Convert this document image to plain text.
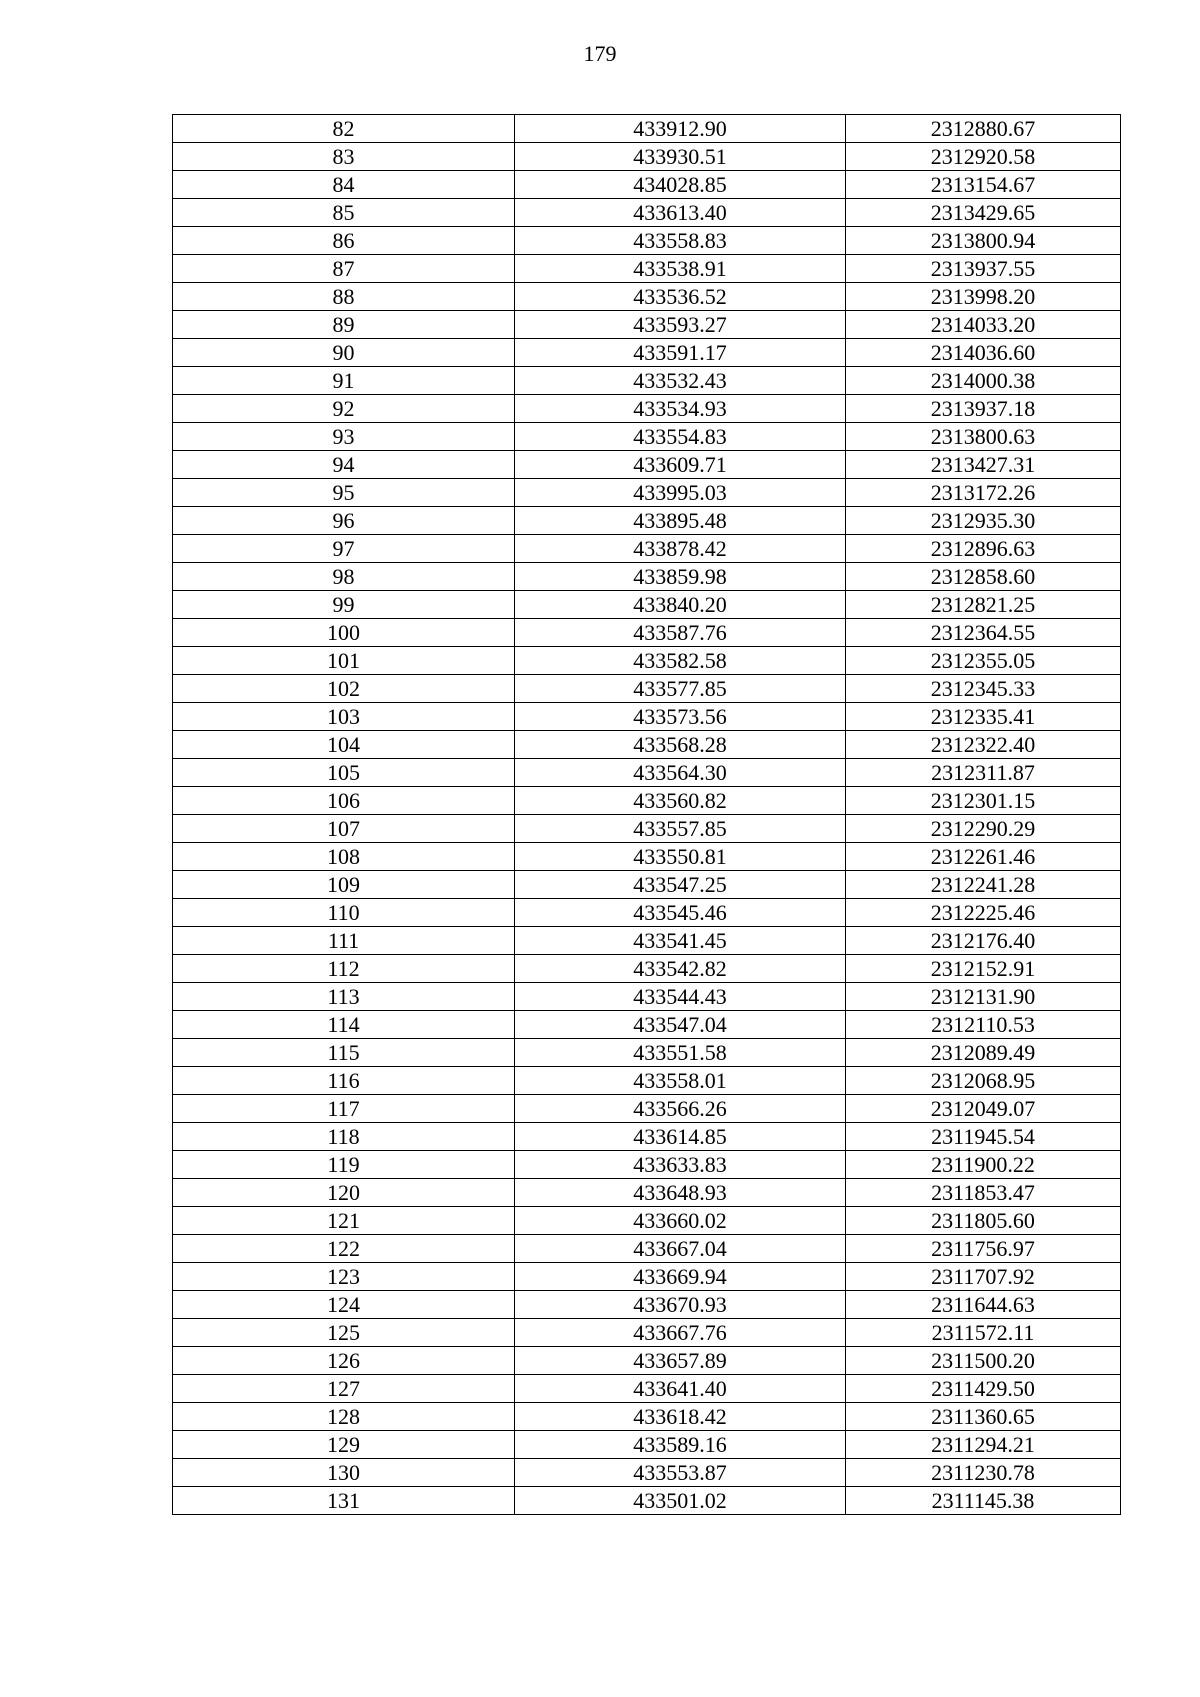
179
82	433912.90	2312880.67
83	433930.51	2312920.58
84	434028.85	2313154.67
85	433613.40	2313429.65
86	433558.83	2313800.94
87	433538.91	2313937.55
88	433536.52	2313998.20
89	433593.27	2314033.20
90	433591.17	2314036.60
91	433532.43	2314000.38
92	433534.93	2313937.18
93	433554.83	2313800.63
94	433609.71	2313427.31
95	433995.03	2313172.26
96	433895.48	2312935.30
97	433878.42	2312896.63
98	433859.98	2312858.60
99	433840.20	2312821.25
100	433587.76	2312364.55
101	433582.58	2312355.05
102	433577.85	2312345.33
103	433573.56	2312335.41
104	433568.28	2312322.40
105	433564.30	2312311.87
106	433560.82	2312301.15
107	433557.85	2312290.29
108	433550.81	2312261.46
109	433547.25	2312241.28
110	433545.46	2312225.46
111	433541.45	2312176.40
112	433542.82	2312152.91
113	433544.43	2312131.90
114	433547.04	2312110.53
115	433551.58	2312089.49
116	433558.01	2312068.95
117	433566.26	2312049.07
118	433614.85	2311945.54
119	433633.83	2311900.22
120	433648.93	2311853.47
121	433660.02	2311805.60
122	433667.04	2311756.97
123	433669.94	2311707.92
124	433670.93	2311644.63
125	433667.76	2311572.11
126	433657.89	2311500.20
127	433641.40	2311429.50
128	433618.42	2311360.65
129	433589.16	2311294.21
130	433553.87	2311230.78
131	433501.02	2311145.38
